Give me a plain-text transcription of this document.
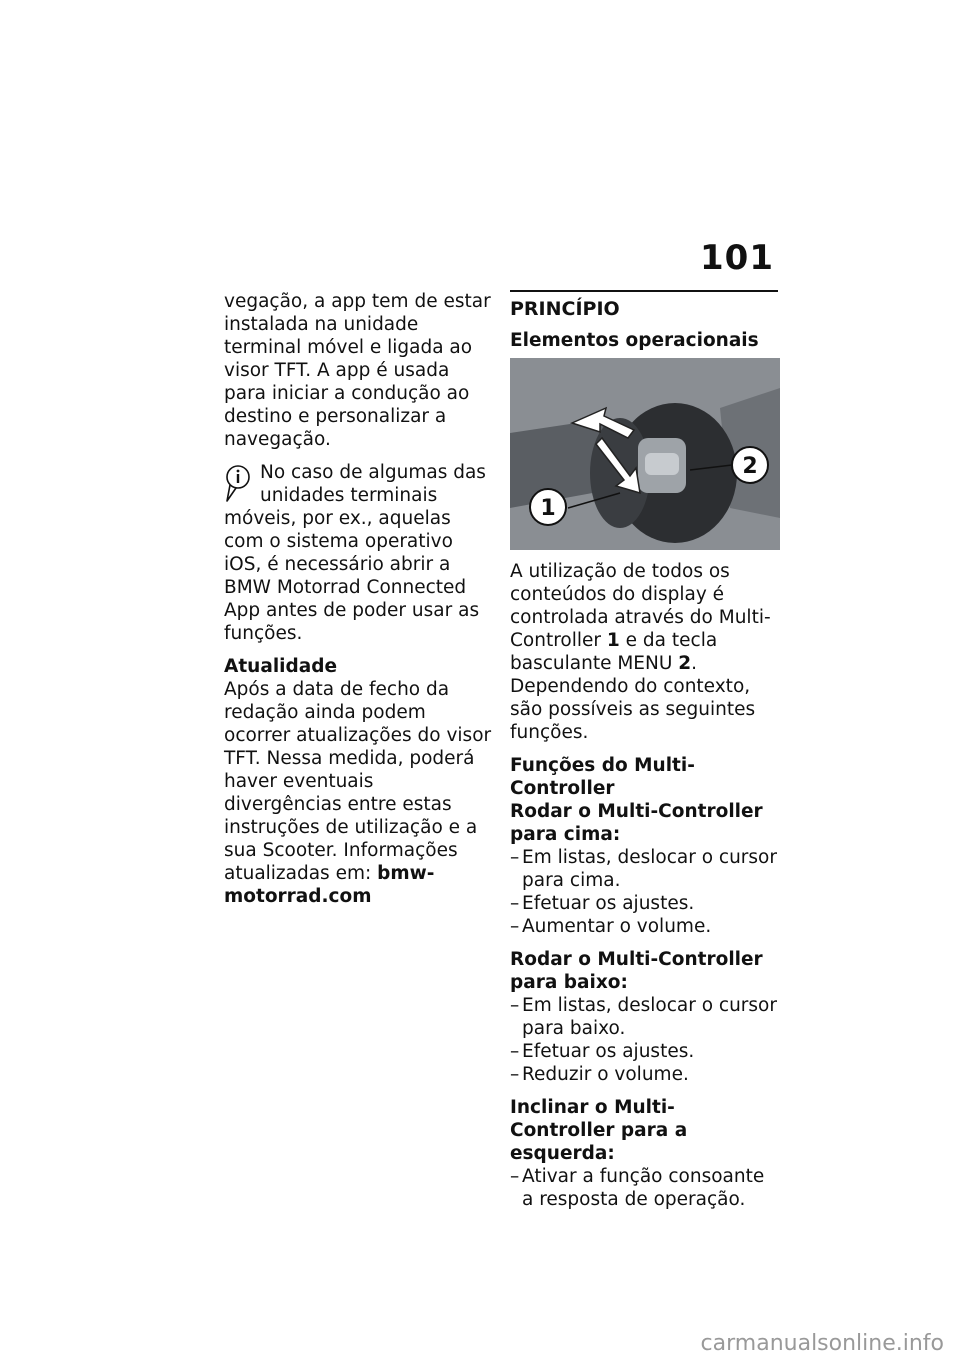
101

vegação, a app tem de estar instalada na unidade terminal móvel e ligada ao visor TFT. A app é usada para iniciar a condução ao destino e personalizar a navegação.

No caso de algumas das unidades terminais móveis, por ex., aquelas com o sistema operativo iOS, é necessário abrir a BMW Motorrad Connected App antes de poder usar as funções.
Atualidade

Após a data de fecho da redação ainda podem ocorrer atualizações do visor TFT. Nessa medida, poderá haver eventuais divergências entre estas instruções de utilização e a sua Scooter. Informações atualizadas em: bmw-motorrad.com

PRINCÍPIO
Elementos operacionais
1
2

A utilização de todos os conteúdos do display é controlada através do Multi-Controller 1 e da tecla basculante MENU 2. Dependendo do contexto, são possíveis as seguintes funções.

Funções do Multi-Controller
Rodar o Multi-Controller para cima:
– Em listas, deslocar o cursor para cima.
– Efetuar os ajustes.
– Aumentar o volume.
Rodar o Multi-Controller para baixo:
– Em listas, deslocar o cursor para baixo.
– Efetuar os ajustes.
– Reduzir o volume.
Inclinar o Multi-Controller para a esquerda:
– Ativar a função consoante a resposta de operação.
carmanualsonline.info
